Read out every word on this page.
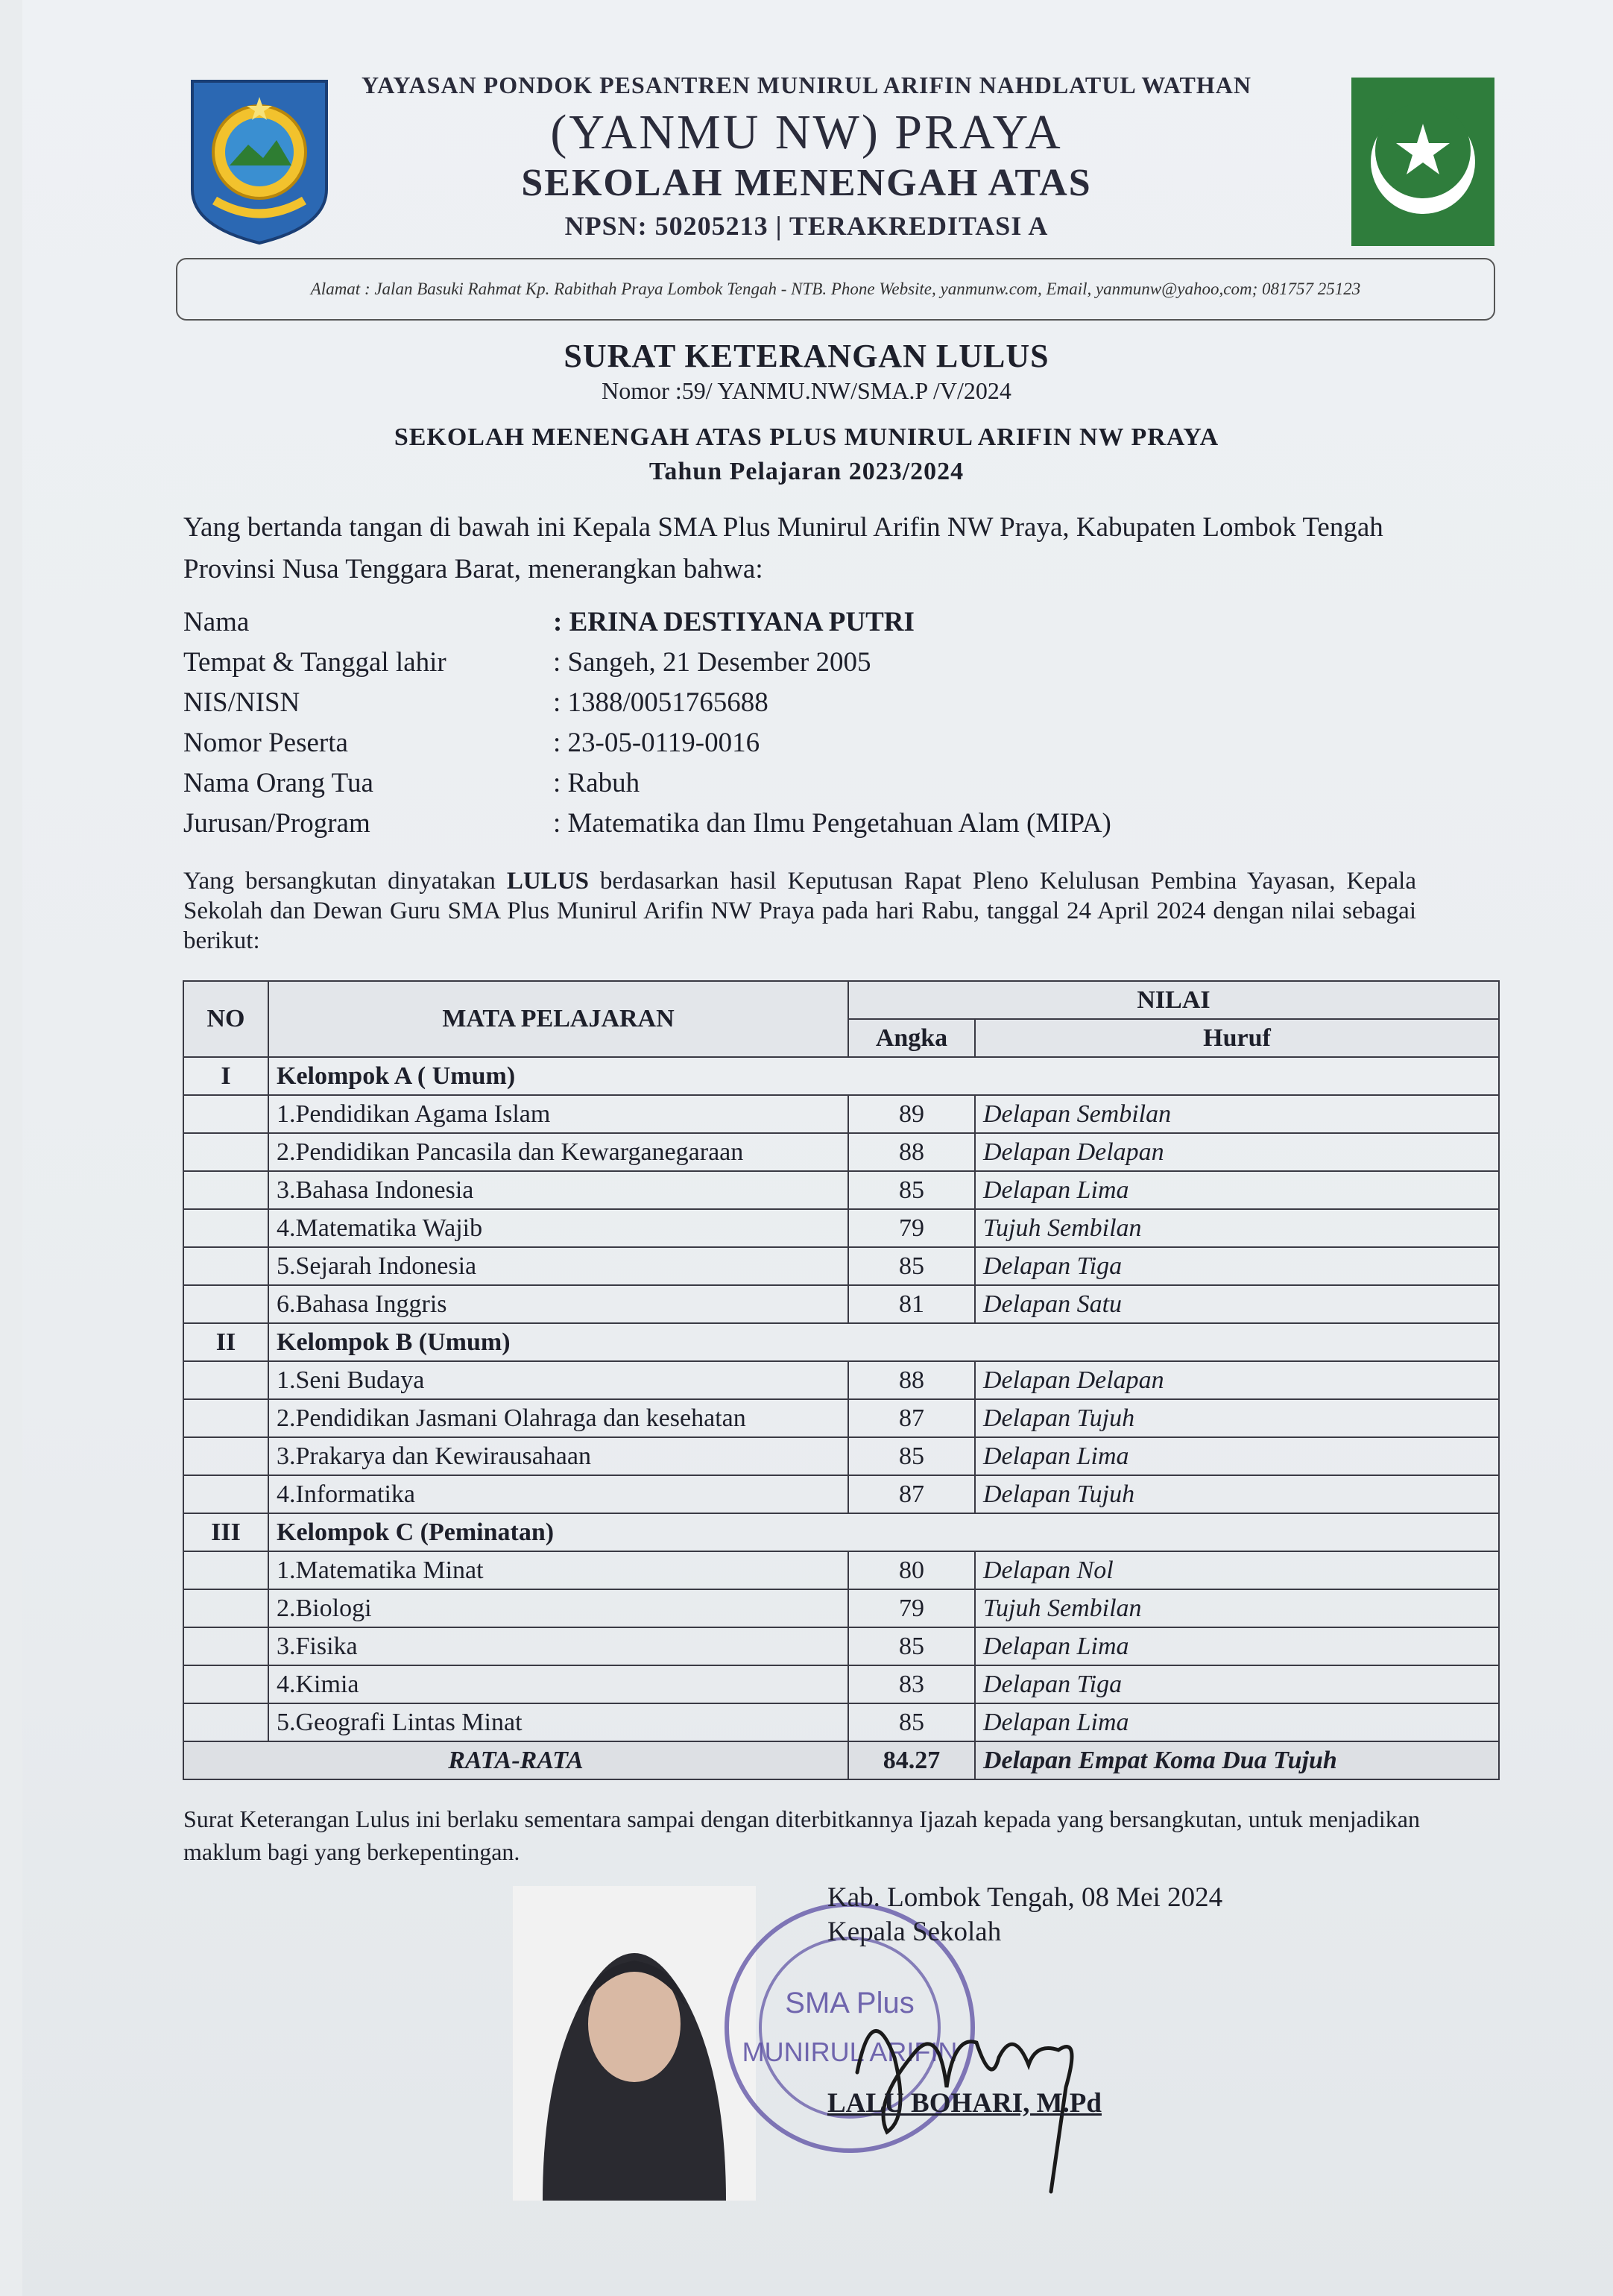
YAYASAN PONDOK PESANTREN MUNIRUL ARIFIN NAHDLATUL WATHAN
(YANMU NW) PRAYA
SEKOLAH MENENGAH ATAS
NPSN: 50205213 | TERAKREDITASI A
Alamat : Jalan Basuki Rahmat Kp. Rabithah Praya Lombok Tengah - NTB. Phone Website, yanmunw.com, Email, yanmunw@yahoo,com; 081757 25123
SURAT KETERANGAN LULUS
Nomor :59/ YANMU.NW/SMA.P /V/2024
SEKOLAH MENENGAH ATAS PLUS MUNIRUL ARIFIN NW PRAYA
Tahun Pelajaran 2023/2024
Yang bertanda tangan di bawah ini Kepala SMA Plus Munirul Arifin NW Praya, Kabupaten Lombok Tengah Provinsi Nusa Tenggara Barat, menerangkan bahwa:
Nama	: ERINA DESTIYANA PUTRI
Tempat & Tanggal lahir	: Sangeh, 21 Desember 2005
NIS/NISN	: 1388/0051765688
Nomor Peserta	: 23-05-0119-0016
Nama Orang Tua	: Rabuh
Jurusan/Program	: Matematika dan Ilmu Pengetahuan Alam (MIPA)
Yang bersangkutan dinyatakan LULUS berdasarkan hasil Keputusan Rapat Pleno Kelulusan Pembina Yayasan, Kepala Sekolah dan Dewan Guru SMA Plus Munirul Arifin NW Praya pada hari Rabu, tanggal 24 April 2024 dengan nilai sebagai berikut:
NO	MATA PELAJARAN	NILAI	
		Angka	Huruf
I	Kelompok A ( Umum)		
	1.Pendidikan Agama Islam	89	Delapan Sembilan
	2.Pendidikan Pancasila dan Kewarganegaraan	88	Delapan Delapan
	3.Bahasa Indonesia	85	Delapan Lima
	4.Matematika Wajib	79	Tujuh Sembilan
	5.Sejarah Indonesia	85	Delapan Tiga
	6.Bahasa Inggris	81	Delapan Satu
II	Kelompok B (Umum)		
	1.Seni Budaya	88	Delapan Delapan
	2.Pendidikan Jasmani Olahraga dan kesehatan	87	Delapan Tujuh
	3.Prakarya dan Kewirausahaan	85	Delapan Lima
	4.Informatika	87	Delapan Tujuh
III	Kelompok C (Peminatan)		
	1.Matematika Minat	80	Delapan Nol
	2.Biologi	79	Tujuh Sembilan
	3.Fisika	85	Delapan Lima
	4.Kimia	83	Delapan Tiga
	5.Geografi Lintas Minat	85	Delapan Lima
RATA-RATA		84.27	Delapan Empat Koma Dua Tujuh
Surat Keterangan Lulus ini berlaku sementara sampai dengan diterbitkannya Ijazah kepada yang bersangkutan, untuk menjadikan maklum bagi yang berkepentingan.
SMA Plus
MUNIRUL ARIFIN
Kab. Lombok Tengah, 08 Mei 2024
Kepala Sekolah
LALU BOHARI, M.Pd
